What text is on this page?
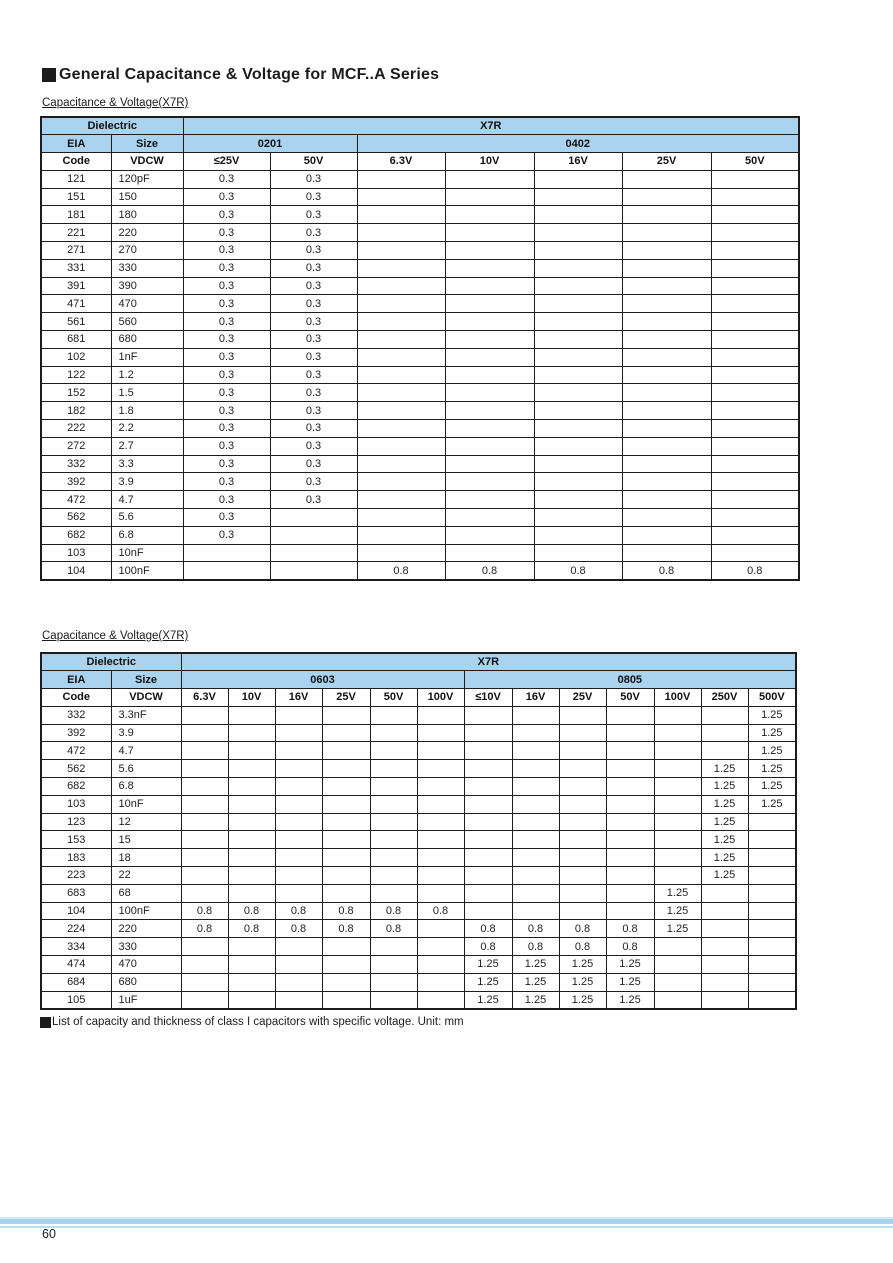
General Capacitance & Voltage for MCF..A Series
Capacitance & Voltage(X7R)
Dielectric		X7R						
EIA	Size	0201		0402				
Code	VDCW	≤25V	50V	6.3V	10V	16V	25V	50V
121	120pF	0.3	0.3					
151	150	0.3	0.3					
181	180	0.3	0.3					
221	220	0.3	0.3					
271	270	0.3	0.3					
331	330	0.3	0.3					
391	390	0.3	0.3					
471	470	0.3	0.3					
561	560	0.3	0.3					
681	680	0.3	0.3					
102	1nF	0.3	0.3					
122	1.2	0.3	0.3					
152	1.5	0.3	0.3					
182	1.8	0.3	0.3					
222	2.2	0.3	0.3					
272	2.7	0.3	0.3					
332	3.3	0.3	0.3					
392	3.9	0.3	0.3					
472	4.7	0.3	0.3					
562	5.6	0.3						
682	6.8	0.3						
103	10nF							
104	100nF			0.8	0.8	0.8	0.8	0.8
Capacitance & Voltage(X7R)
Dielectric		X7R												
EIA	Size	0603						0805						
Code	VDCW	6.3V	10V	16V	25V	50V	100V	≤10V	16V	25V	50V	100V	250V	500V
332	3.3nF													1.25
392	3.9													1.25
472	4.7													1.25
562	5.6												1.25	1.25
682	6.8												1.25	1.25
103	10nF												1.25	1.25
123	12												1.25	
153	15												1.25	
183	18												1.25	
223	22												1.25	
683	68											1.25		
104	100nF	0.8	0.8	0.8	0.8	0.8	0.8					1.25		
224	220	0.8	0.8	0.8	0.8	0.8		0.8	0.8	0.8	0.8	1.25		
334	330							0.8	0.8	0.8	0.8			
474	470							1.25	1.25	1.25	1.25			
684	680							1.25	1.25	1.25	1.25			
105	1uF							1.25	1.25	1.25	1.25			
List of capacity and thickness of class I capacitors with specific voltage. Unit: mm
60
